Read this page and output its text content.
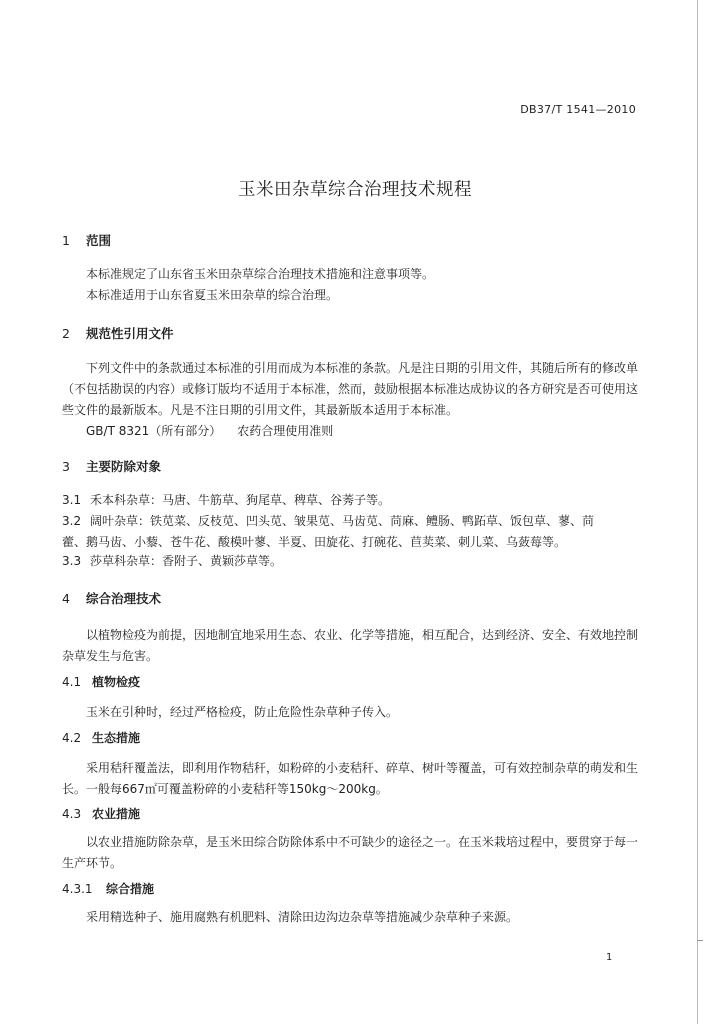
DB37/T 1541—2010
玉米田杂草综合治理技术规程
1 范围
本标准规定了山东省玉米田杂草综合治理技术措施和注意事项等。
本标准适用于山东省夏玉米田杂草的综合治理。
2 规范性引用文件
下列文件中的条款通过本标准的引用而成为本标准的条款。凡是注日期的引用文件，其随后所有的修改单（不包括勘误的内容）或修订版均不适用于本标准，然而，鼓励根据本标准达成协议的各方研究是否可使用这些文件的最新版本。凡是不注日期的引用文件，其最新版本适用于本标准。
GB/T 8321（所有部分） 农药合理使用准则
3 主要防除对象
3.1 禾本科杂草：马唐、牛筋草、狗尾草、稗草、谷莠子等。
3.2 阔叶杂草：铁苋菜、反枝苋、凹头苋、皱果苋、马齿苋、苘麻、鳢肠、鸭跖草、饭包草、蓼、苘
藿、鹅马齿、小藜、苍牛花、酸模叶蓼、半夏、田旋花、打碗花、苣荬菜、刺儿菜、乌蔹莓等。
3.3 莎草科杂草：香附子、黄颖莎草等。
4 综合治理技术
以植物检疫为前提，因地制宜地采用生态、农业、化学等措施，相互配合，达到经济、安全、有效地控制杂草发生与危害。
4.1 植物检疫
玉米在引种时，经过严格检疫，防止危险性杂草种子传入。
4.2 生态措施
采用秸秆覆盖法，即利用作物秸秆，如粉碎的小麦秸秆、碎草、树叶等覆盖，可有效控制杂草的萌发和生长。一般每667㎡可覆盖粉碎的小麦秸秆等150kg～200kg。
4.3 农业措施
以农业措施防除杂草，是玉米田综合防除体系中不可缺少的途径之一。在玉米栽培过程中，要贯穿于每一生产环节。
4.3.1 综合措施
采用精选种子、施用腐熟有机肥料、清除田边沟边杂草等措施减少杂草种子来源。
1
